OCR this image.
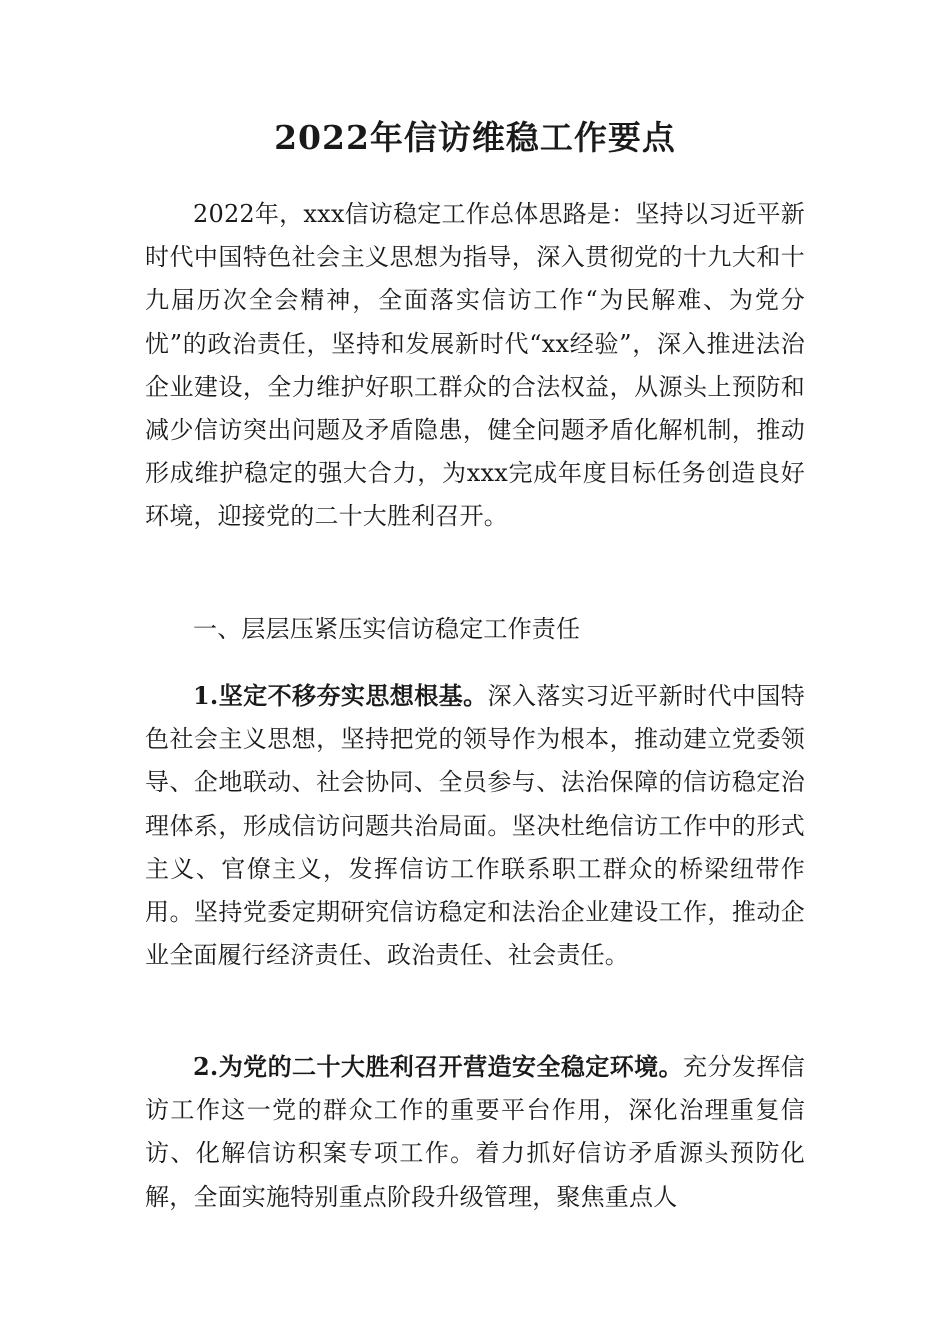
2022年信访维稳工作要点

2022年，xxx信访稳定工作总体思路是：坚持以习近平新时代中国特色社会主义思想为指导，深入贯彻党的十九大和十九届历次全会精神，全面落实信访工作“为民解难、为党分忧”的政治责任，坚持和发展新时代“xx经验”，深入推进法治企业建设，全力维护好职工群众的合法权益，从源头上预防和减少信访突出问题及矛盾隐患，健全问题矛盾化解机制，推动形成维护稳定的强大合力，为xxx完成年度目标任务创造良好环境，迎接党的二十大胜利召开。

一、层层压紧压实信访稳定工作责任

1.坚定不移夯实思想根基。深入落实习近平新时代中国特色社会主义思想，坚持把党的领导作为根本，推动建立党委领导、企地联动、社会协同、全员参与、法治保障的信访稳定治理体系，形成信访问题共治局面。坚决杜绝信访工作中的形式主义、官僚主义，发挥信访工作联系职工群众的桥梁纽带作用。坚持党委定期研究信访稳定和法治企业建设工作，推动企业全面履行经济责任、政治责任、社会责任。

2.为党的二十大胜利召开营造安全稳定环境。充分发挥信访工作这一党的群众工作的重要平台作用，深化治理重复信访、化解信访积案专项工作。着力抓好信访矛盾源头预防化解，全面实施特别重点阶段升级管理，聚焦重点人
